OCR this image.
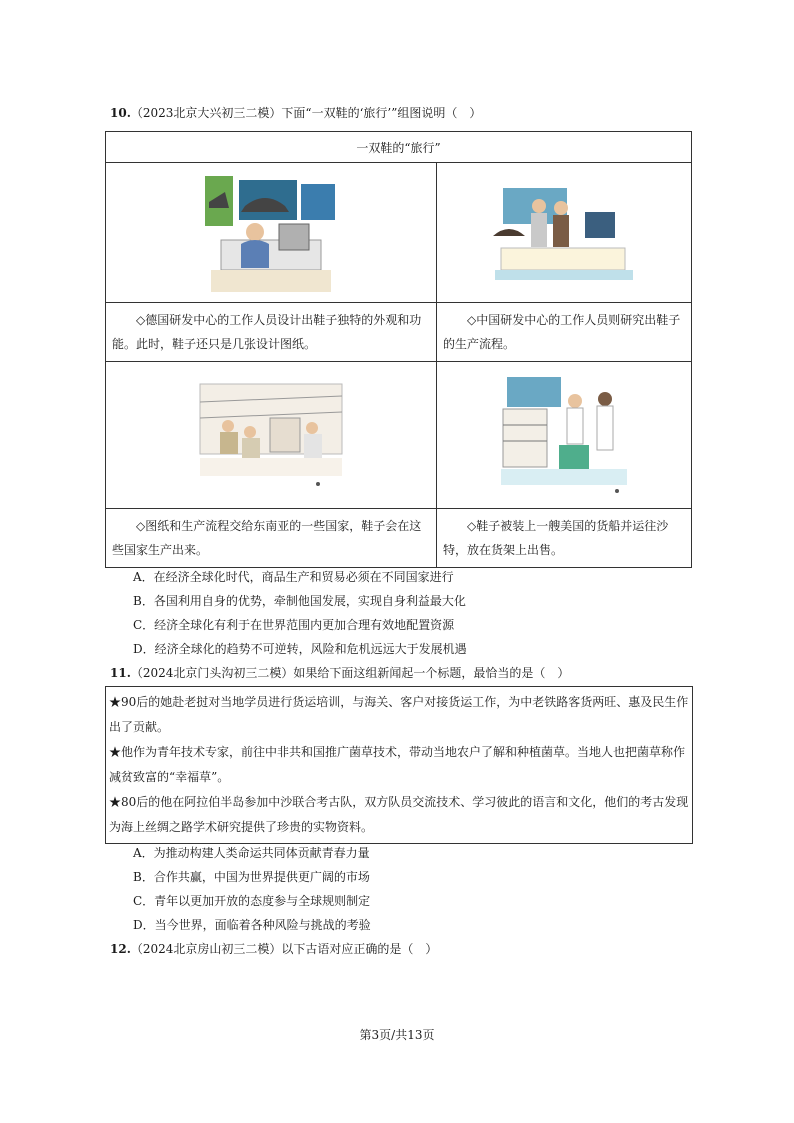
10.（2023北京大兴初三二模）下面“一双鞋的‘旅行’”组图说明（　）
一双鞋的“旅行”	

◇德国研发中心的工作人员设计出鞋子独特的外观和功能。此时，鞋子还只是几张设计图纸。	◇中国研发中心的工作人员则研究出鞋子的生产流程。

◇图纸和生产流程交给东南亚的一些国家，鞋子会在这些国家生产出来。	◇鞋子被装上一艘美国的货船并运往沙特，放在货架上出售。
A．在经济全球化时代，商品生产和贸易必须在不同国家进行
B．各国利用自身的优势，牵制他国发展，实现自身利益最大化
C．经济全球化有利于在世界范围内更加合理有效地配置资源
D．经济全球化的趋势不可逆转，风险和危机远远大于发展机遇
11.（2024北京门头沟初三二模）如果给下面这组新闻起一个标题，最恰当的是（　）
★90后的她赴老挝对当地学员进行货运培训，与海关、客户对接货运工作，为中老铁路客货两旺、惠及民生作出了贡献。
★他作为青年技术专家，前往中非共和国推广菌草技术，带动当地农户了解和种植菌草。当地人也把菌草称作减贫致富的“幸福草”。
★80后的他在阿拉伯半岛参加中沙联合考古队，双方队员交流技术、学习彼此的语言和文化，他们的考古发现为海上丝绸之路学术研究提供了珍贵的实物资料。
A．为推动构建人类命运共同体贡献青春力量
B．合作共赢，中国为世界提供更广阔的市场
C．青年以更加开放的态度参与全球规则制定
D．当今世界，面临着各种风险与挑战的考验
12.（2024北京房山初三二模）以下古语对应正确的是（　）
第3页/共13页
